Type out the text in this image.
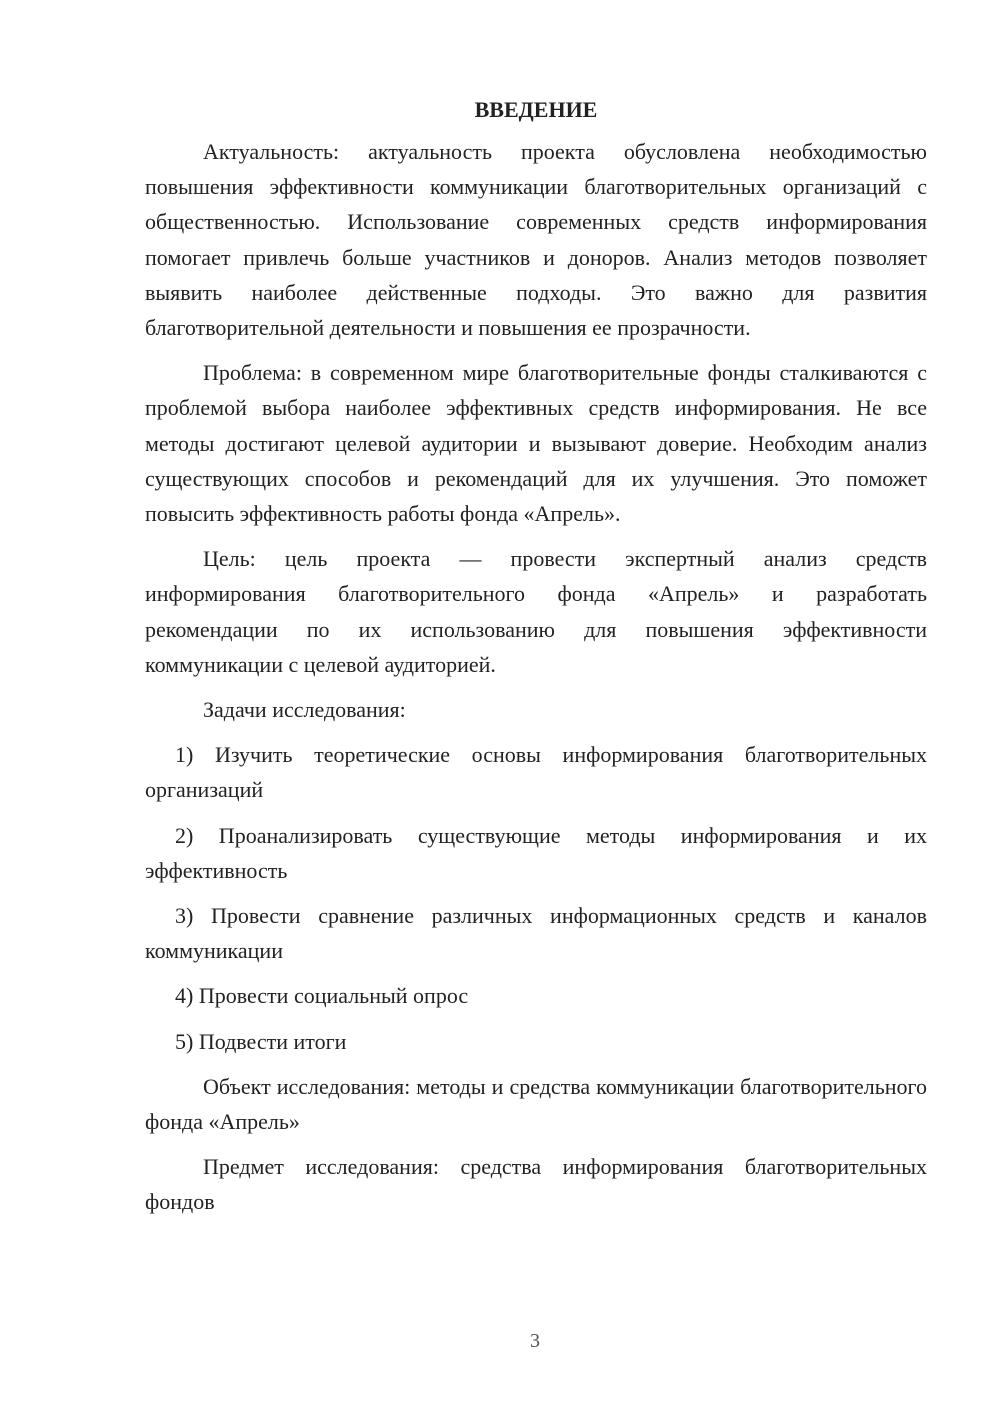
ВВЕДЕНИЕ

Актуальность: актуальность проекта обусловлена необходимостью повышения эффективности коммуникации благотворительных организаций с общественностью. Использование современных средств информирования помогает привлечь больше участников и доноров. Анализ методов позволяет выявить наиболее действенные подходы. Это важно для развития благотворительной деятельности и повышения ее прозрачности.

Проблема: в современном мире благотворительные фонды сталкиваются с проблемой выбора наиболее эффективных средств информирования. Не все методы достигают целевой аудитории и вызывают доверие. Необходим анализ существующих способов и рекомендаций для их улучшения. Это поможет повысить эффективность работы фонда «Апрель».

Цель: цель проекта — провести экспертный анализ средств информирования благотворительного фонда «Апрель» и разработать рекомендации по их использованию для повышения эффективности коммуникации с целевой аудиторией.

Задачи исследования:

1) Изучить теоретические основы информирования благотворительных организаций

2) Проанализировать существующие методы информирования и их эффективность

3) Провести сравнение различных информационных средств и каналов коммуникации

4) Провести социальный опрос

5) Подвести итоги

Объект исследования: методы и средства коммуникации благотворительного фонда «Апрель»

Предмет исследования: средства информирования благотворительных фондов

3
